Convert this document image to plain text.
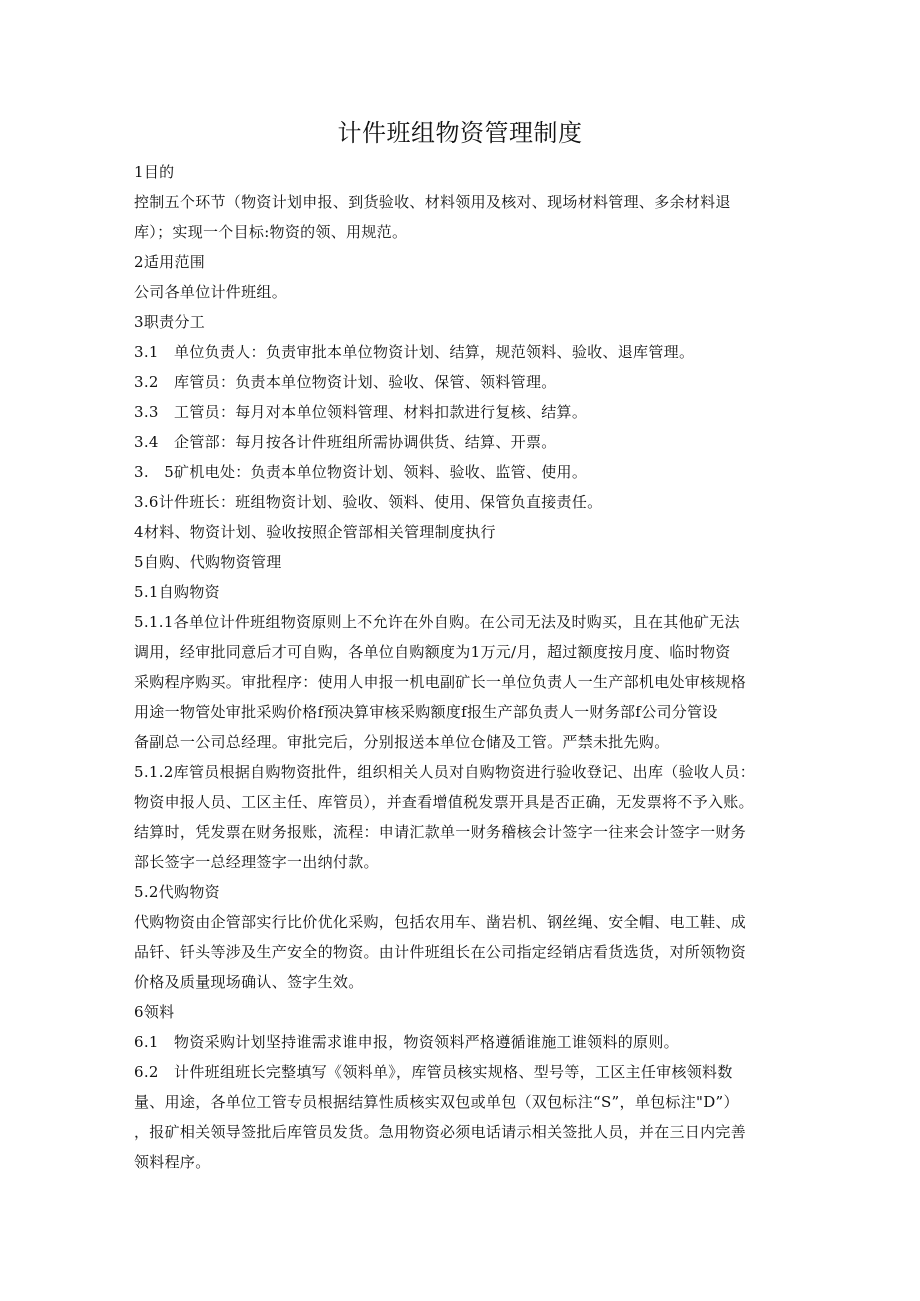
计件班组物资管理制度
1目的
控制五个环节（物资计划申报、到货验收、材料领用及核对、现场材料管理、多余材料退
库）；实现一个目标:物资的领、用规范。
2适用范围
公司各单位计件班组。
3职责分工
3.1　单位负责人：负责审批本单位物资计划、结算，规范领料、验收、退库管理。
3.2　库管员：负责本单位物资计划、验收、保管、领料管理。
3.3　工管员：每月对本单位领料管理、材料扣款进行复核、结算。
3.4　企管部：每月按各计件班组所需协调供货、结算、开票。
3.　5矿机电处：负责本单位物资计划、领料、验收、监管、使用。
3.6计件班长：班组物资计划、验收、领料、使用、保管负直接责任。
4材料、物资计划、验收按照企管部相关管理制度执行
5自购、代购物资管理
5.1自购物资
5.1.1各单位计件班组物资原则上不允许在外自购。在公司无法及时购买，且在其他矿无法
调用，经审批同意后才可自购，各单位自购额度为1万元/月，超过额度按月度、临时物资
采购程序购买。审批程序：使用人申报一机电副矿长一单位负责人一生产部机电处审核规格
用途一物管处审批采购价格f预决算审核采购额度f报生产部负责人一财务部f公司分管设
备副总一公司总经理。审批完后，分别报送本单位仓储及工管。严禁未批先购。
5.1.2库管员根据自购物资批件，组织相关人员对自购物资进行验收登记、出库（验收人员：
物资申报人员、工区主任、库管员），并查看增值税发票开具是否正确，无发票将不予入账。
结算时，凭发票在财务报账，流程：申请汇款单一财务稽核会计签字一往来会计签字一财务
部长签字一总经理签字一出纳付款。
5.2代购物资
代购物资由企管部实行比价优化采购，包括农用车、凿岩机、钢丝绳、安全帽、电工鞋、成
品钎、钎头等涉及生产安全的物资。由计件班组长在公司指定经销店看货选货，对所领物资
价格及质量现场确认、签字生效。
6领料
6.1　物资采购计划坚持谁需求谁申报，物资领料严格遵循谁施工谁领料的原则。
6.2　计件班组班长完整填写《领料单》，库管员核实规格、型号等，工区主任审核领料数
量、用途，各单位工管专员根据结算性质核实双包或单包（双包标注“S”，单包标注"D”）
，报矿相关领导签批后库管员发货。急用物资必须电话请示相关签批人员，并在三日内完善
领料程序。
